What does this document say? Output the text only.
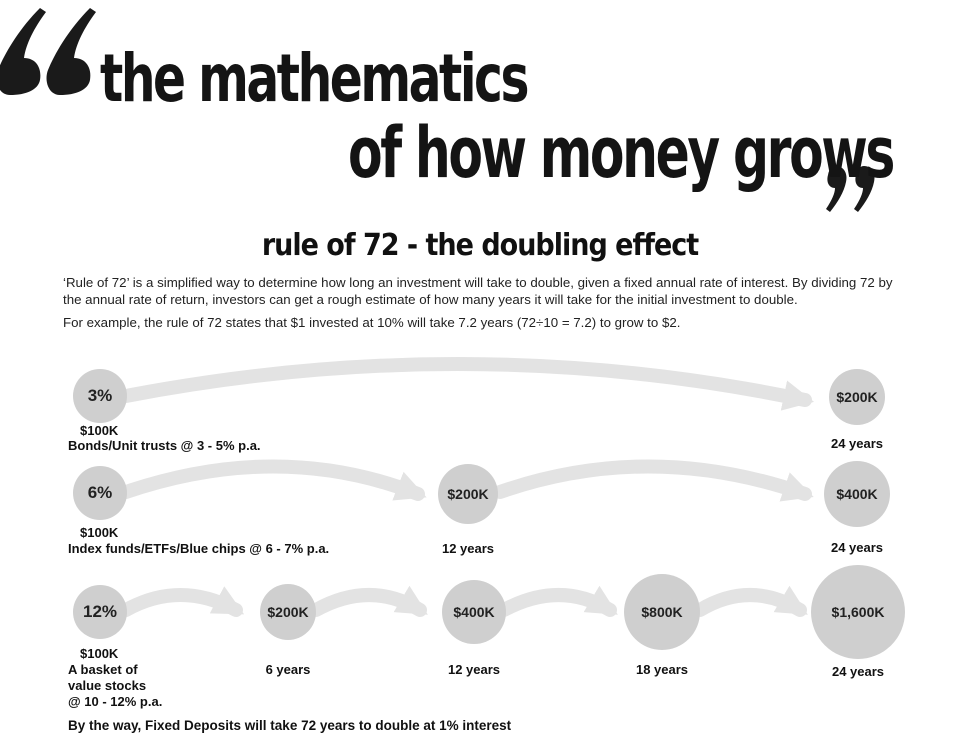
the mathematics
of how money grows
rule of 72 - the doubling effect
‘Rule of 72’ is a simplified way to determine how long an investment will take to double, given a fixed annual rate of interest. By dividing 72 by the annual rate of return, investors can get a rough estimate of how many years it will take for the initial investment to double.
For example, the rule of 72 states that $1 invested at 10% will take 7.2 years (72÷10 = 7.2) to grow to $2.
3%	$200K
$100K
Bonds/Unit trusts @ 3 - 5% p.a.	24 years
6%	$200K	$400K
$100K
Index funds/ETFs/Blue chips @ 6 - 7% p.a.	12 years	24 years
12%	$200K	$400K	$800K	$1,600K
$100K
A basket of
value stocks
@ 10 - 12% p.a.
6 years	12 years	18 years	24 years
By the way, Fixed Deposits will take 72 years to double at 1% interest
